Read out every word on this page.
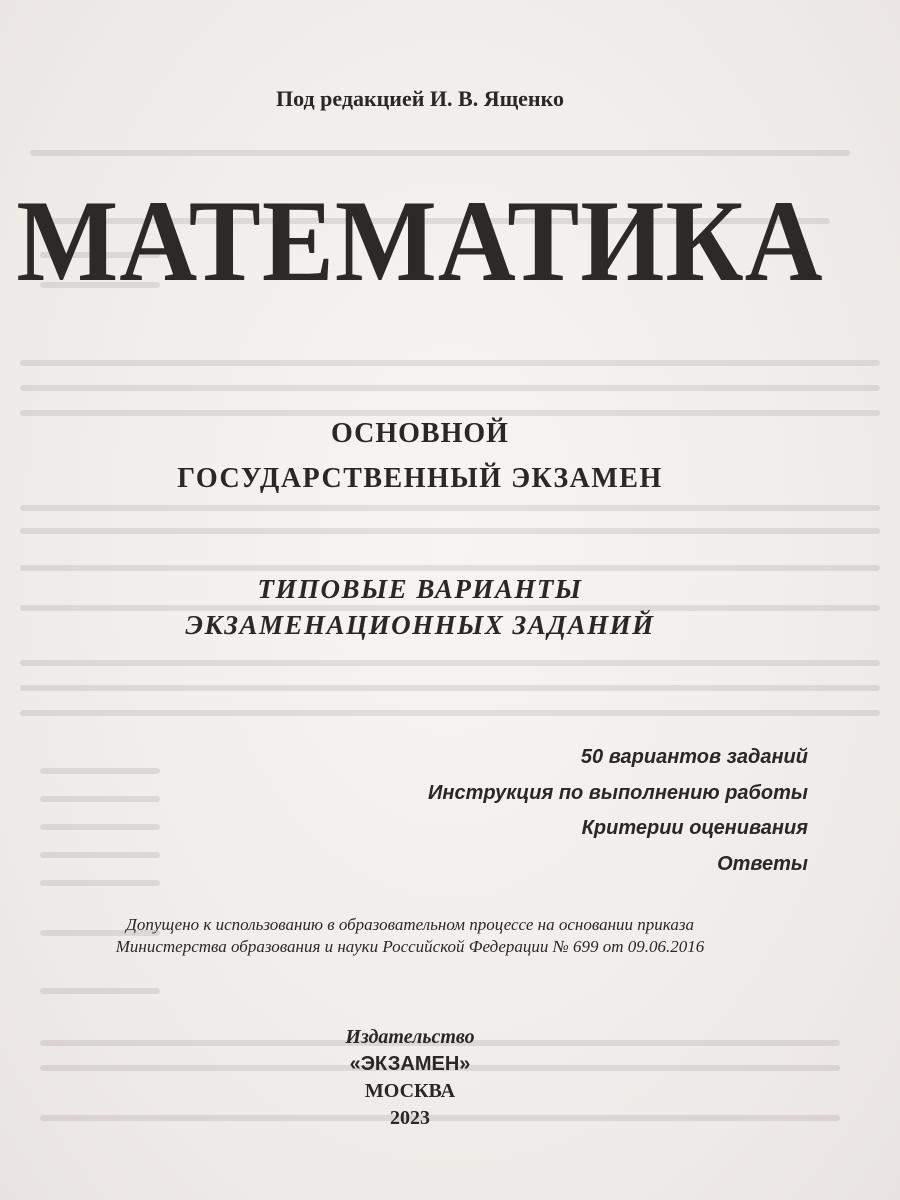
Под редакцией И. В. Ященко
МАТЕМАТИКА
ОСНОВНОЙ
ГОСУДАРСТВЕННЫЙ ЭКЗАМЕН
ТИПОВЫЕ ВАРИАНТЫ
ЭКЗАМЕНАЦИОННЫХ ЗАДАНИЙ
50 вариантов заданий
Инструкция по выполнению работы
Критерии оценивания
Ответы
Допущено к использованию в образовательном процессе на основании приказа
Министерства образования и науки Российской Федерации № 699 от 09.06.2016
Издательство
«ЭКЗАМЕН»
МОСКВА
2023
